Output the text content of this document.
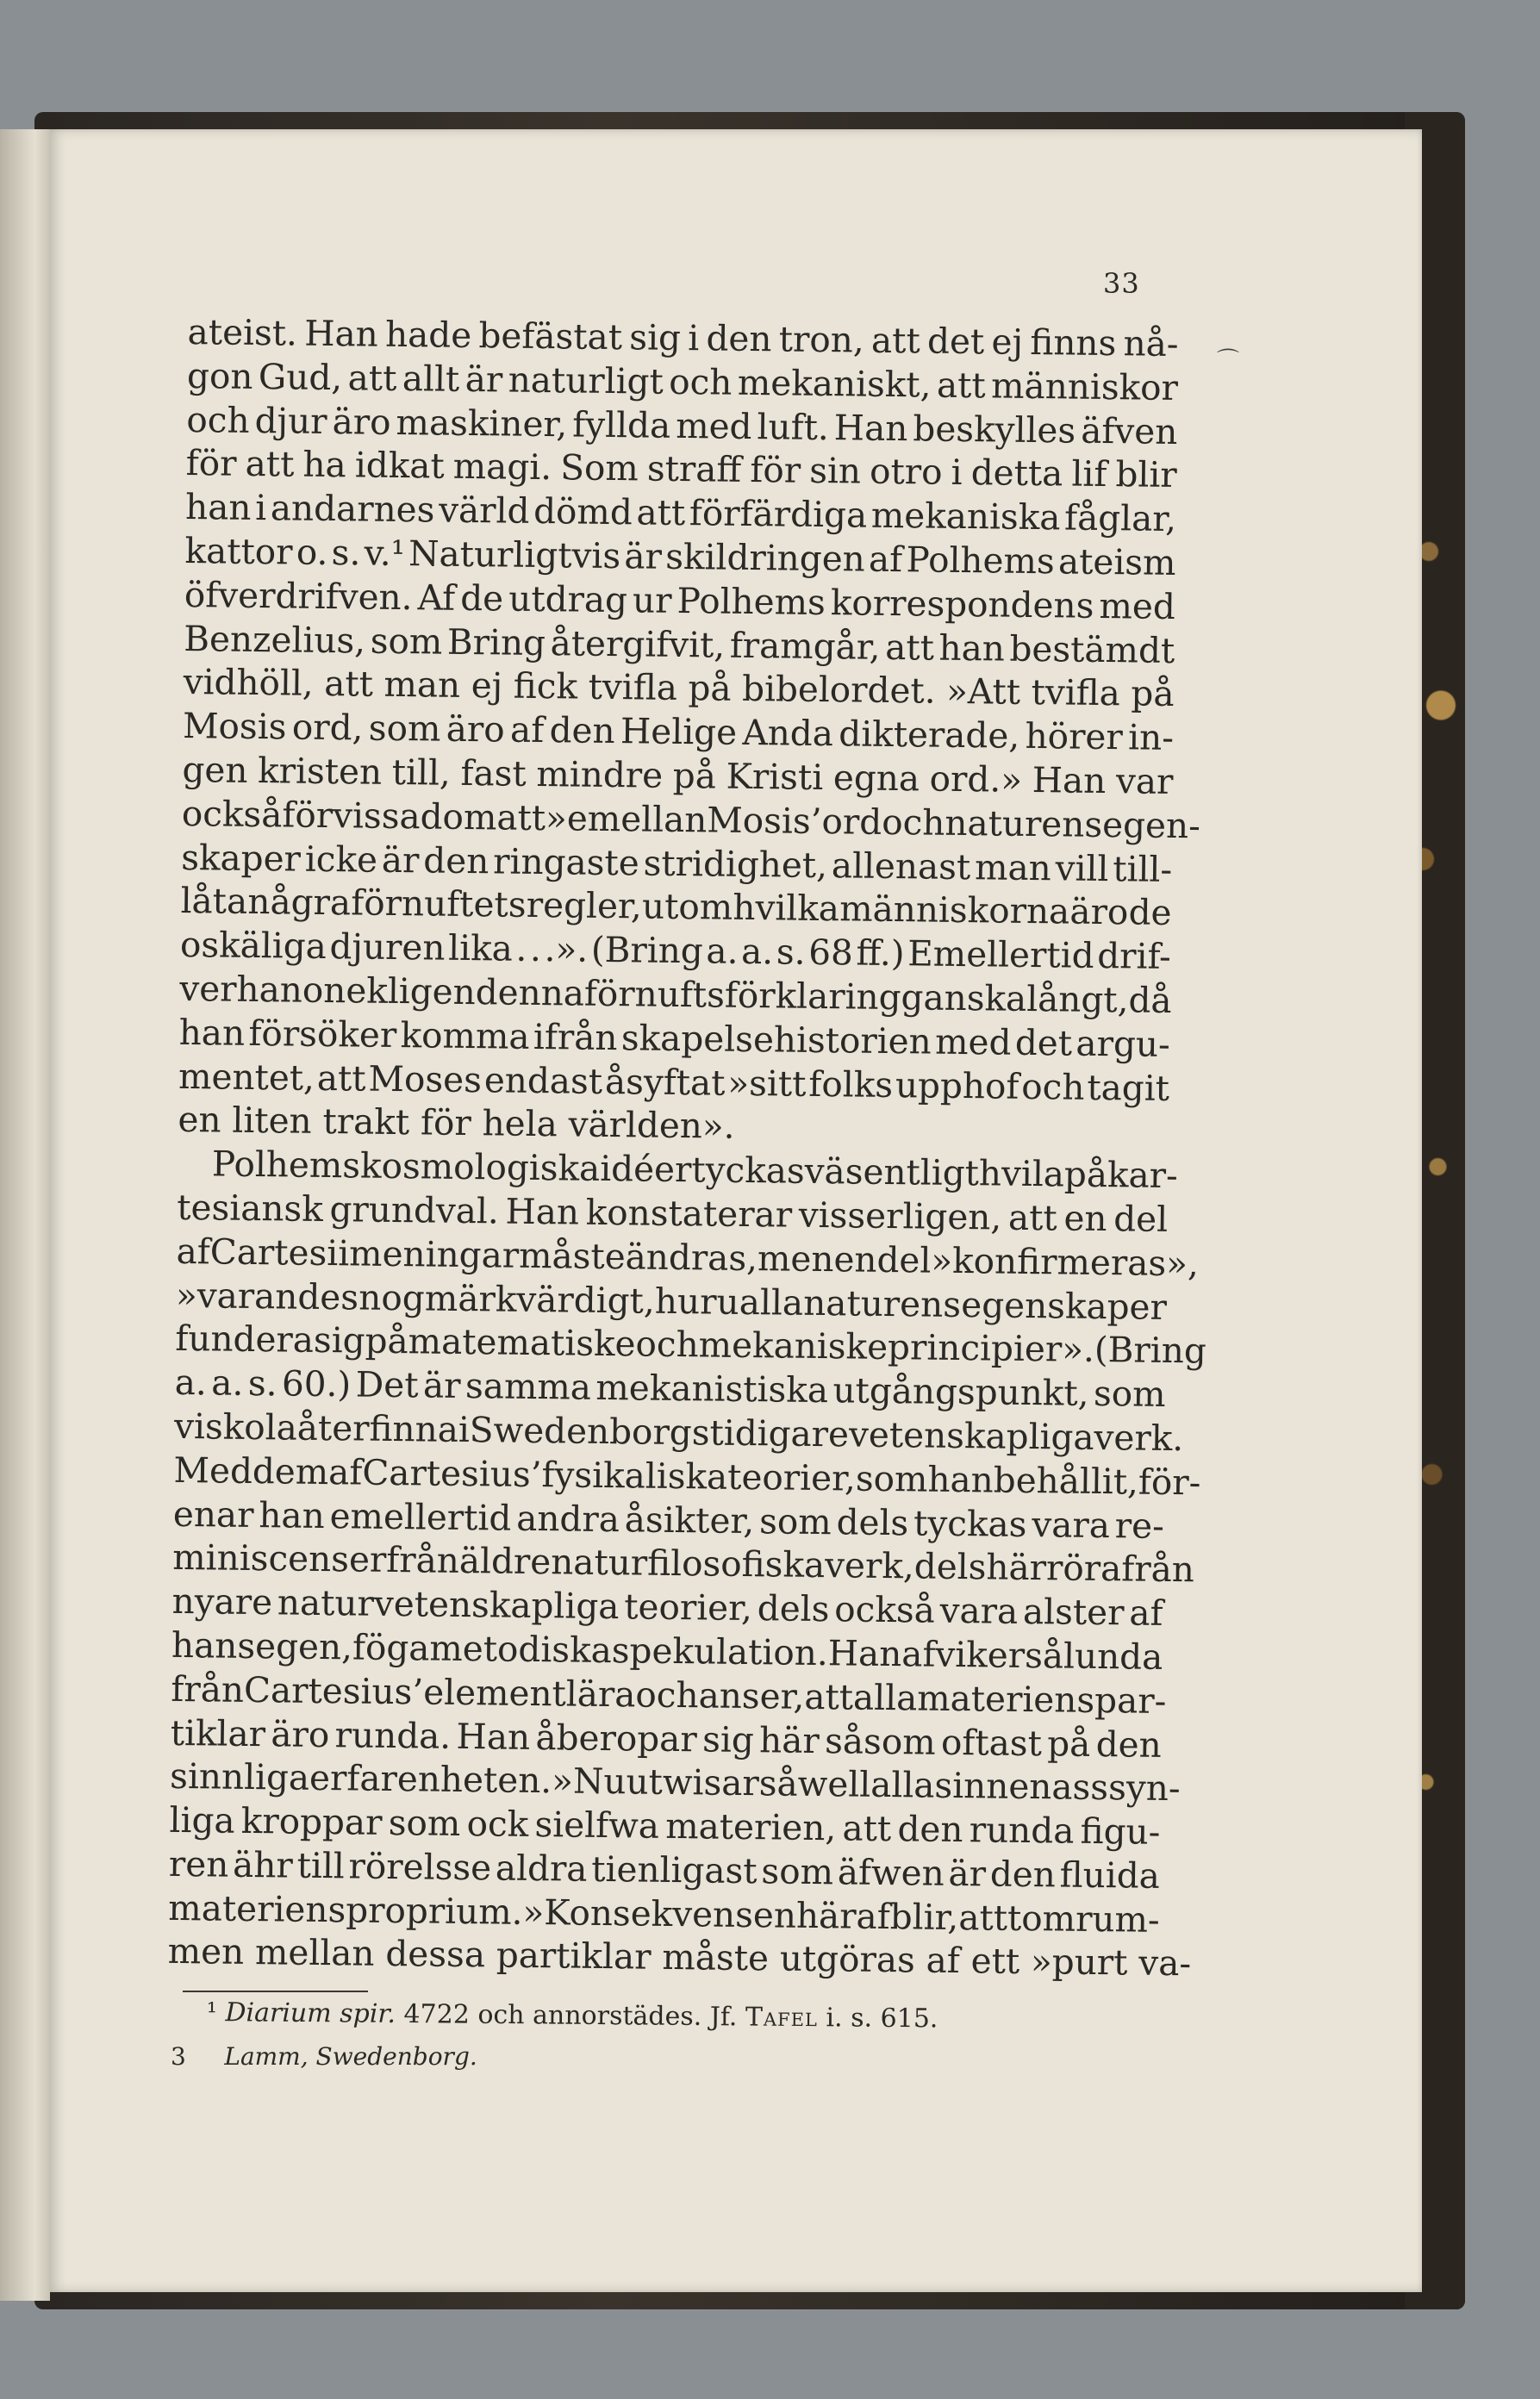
33
⌒
ateist. Han hade befästat sig i den tron, att det ej finns nå-
gon Gud, att allt är naturligt och mekaniskt, att människor
och djur äro maskiner, fyllda med luft. Han beskylles äfven
för att ha idkat magi. Som straff för sin otro i detta lif blir
han i andarnes värld dömd att förfärdiga mekaniska fåglar,
kattor o. s. v.¹ Naturligtvis är skildringen af Polhems ateism
öfverdrifven. Af de utdrag ur Polhems korrespondens med
Benzelius, som Bring återgifvit, framgår, att han bestämdt
vidhöll, att man ej fick tvifla på bibelordet. »Att tvifla på
Mosis ord, som äro af den Helige Anda dikterade, hörer in-
gen kristen till, fast mindre på Kristi egna ord.» Han var
också förvissad om att »emellan Mosis’ ord och naturens egen-
skaper icke är den ringaste stridighet, allenast man vill till-
låta några förnuftets regler, utom hvilka människorna äro de
oskäliga djuren lika . . .». (Bring a. a. s. 68 ff.) Emellertid drif-
ver han onekligen denna förnuftsförklaring ganska långt, då
han försöker komma ifrån skapelsehistorien med det argu-
mentet, att Moses endast åsyftat »sitt folks upphof och tagit
en liten trakt för hela världen».
Polhems kosmologiska idéer tyckas väsentligt hvila på kar-
tesiansk grundval. Han konstaterar visserligen, att en del
af Cartesii meningar måste ändras, men en del »konfirmeras»,
»varandes nog märkvärdigt, huru alla naturens egenskaper
fundera sig på matematiske och mekaniske principier». (Bring
a. a. s. 60.) Det är samma mekanistiska utgångspunkt, som
vi skola återfinna i Swedenborgs tidigare vetenskapliga verk.
Med dem af Cartesius’ fysikaliska teorier, som han behållit, för-
enar han emellertid andra åsikter, som dels tyckas vara re-
miniscenser från äldre naturfilosofiska verk, dels härröra från
nyare naturvetenskapliga teorier, dels också vara alster af
hans egen, föga metodiska spekulation. Han afviker sålunda
från Cartesius’ elementlära och anser, att alla materiens par-
tiklar äro runda. Han åberopar sig här såsom oftast på den
sinnliga erfarenheten. »Nu utwisar så well alla sinnenass syn-
liga kroppar som ock sielfwa materien, att den runda figu-
ren ähr till rörelsse aldra tienligast som äfwen är den fluida
materiens proprium.» Konsekvensen häraf blir, att tomrum-
men mellan dessa partiklar måste utgöras af ett »purt va-
¹ Diarium spir. 4722 och annorstädes. Jf. Tafel i. s. 615.
3 Lamm, Swedenborg.
